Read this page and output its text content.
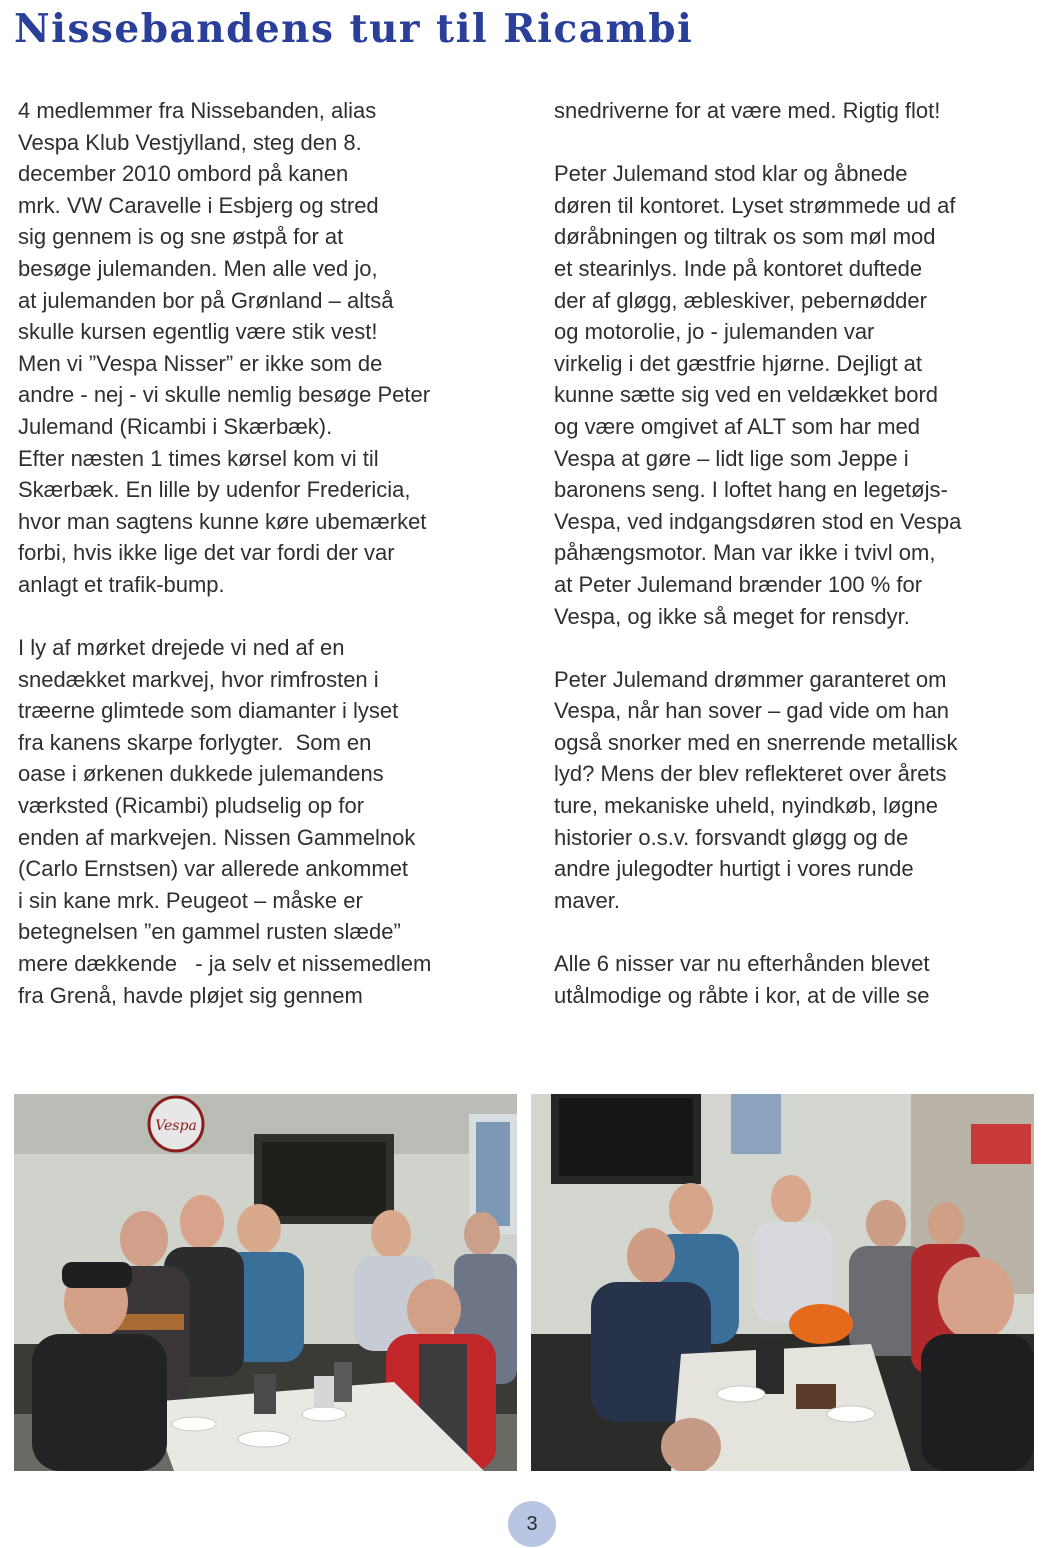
Nissebandens tur til Ricambi
4 medlemmer fra Nissebanden, alias
Vespa Klub Vestjylland, steg den 8.
december 2010 ombord på kanen
mrk. VW Caravelle i Esbjerg og stred
sig gennem is og sne østpå for at
besøge julemanden. Men alle ved jo,
at julemanden bor på Grønland – altså
skulle kursen egentlig være stik vest!
Men vi ”Vespa Nisser” er ikke som de
andre - nej - vi skulle nemlig besøge Peter
Julemand (Ricambi i Skærbæk).
Efter næsten 1 times kørsel kom vi til
Skærbæk. En lille by udenfor Fredericia,
hvor man sagtens kunne køre ubemærket
forbi, hvis ikke lige det var fordi der var
anlagt et trafik-bump.
I ly af mørket drejede vi ned af en
snedækket markvej, hvor rimfrosten i
træerne glimtede som diamanter i lyset
fra kanens skarpe forlygter.  Som en
oase i ørkenen dukkede julemandens
værksted (Ricambi) pludselig op for
enden af markvejen. Nissen Gammelnok
(Carlo Ernstsen) var allerede ankommet
i sin kane mrk. Peugeot – måske er
betegnelsen ”en gammel rusten slæde”
mere dækkende   - ja selv et nissemedlem
fra Grenå, havde pløjet sig gennem
snedriverne for at være med. Rigtig flot!
Peter Julemand stod klar og åbnede
døren til kontoret. Lyset strømmede ud af
døråbningen og tiltrak os som møl mod
et stearinlys. Inde på kontoret duftede
der af gløgg, æbleskiver, pebernødder
og motorolie, jo - julemanden var
virkelig i det gæstfrie hjørne. Dejligt at
kunne sætte sig ved en veldækket bord
og være omgivet af ALT som har med
Vespa at gøre – lidt lige som Jeppe i
baronens seng. I loftet hang en legetøjs-
Vespa, ved indgangsdøren stod en Vespa
påhængsmotor. Man var ikke i tvivl om,
at Peter Julemand brænder 100 % for
Vespa, og ikke så meget for rensdyr.
Peter Julemand drømmer garanteret om
Vespa, når han sover – gad vide om han
også snorker med en snerrende metallisk
lyd? Mens der blev reflekteret over årets
ture, mekaniske uheld, nyindkøb, løgne
historier o.s.v. forsvandt gløgg og de
andre julegodter hurtigt i vores runde
maver.
Alle 6 nisser var nu efterhånden blevet
utålmodige og råbte i kor, at de ville se
Vespa
3
